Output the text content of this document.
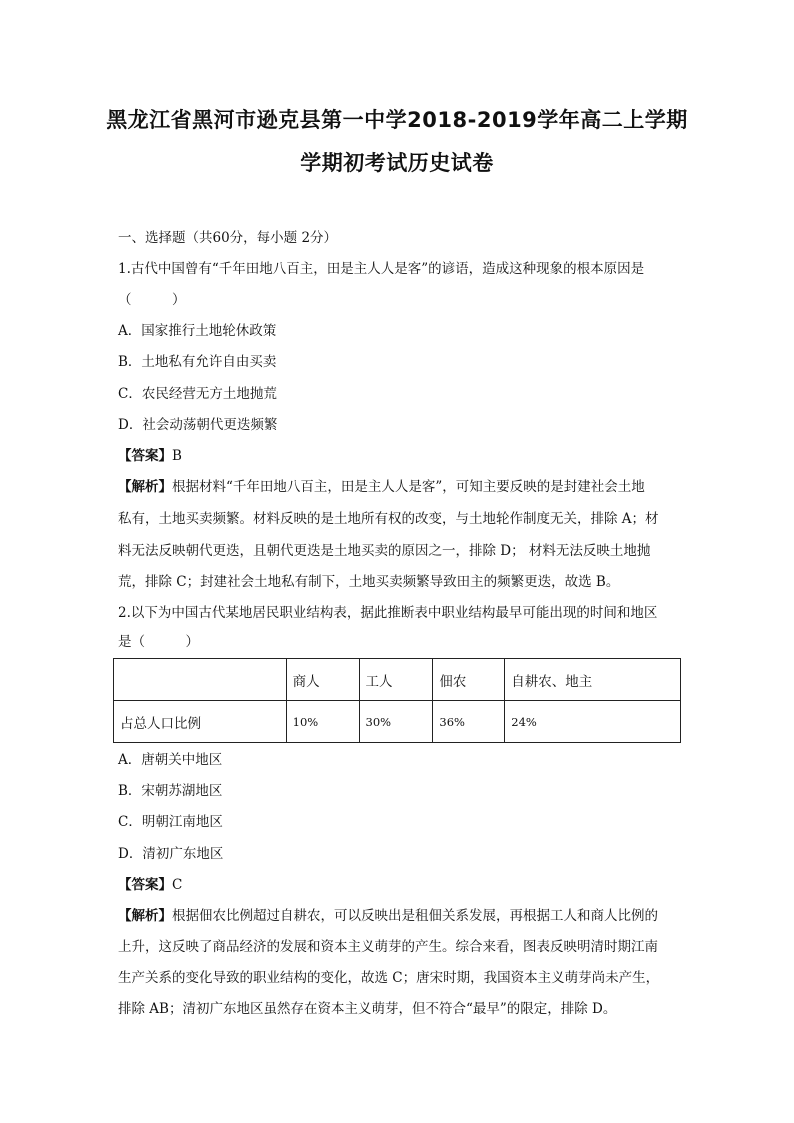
黑龙江省黑河市逊克县第一中学2018-2019学年高二上学期
学期初考试历史试卷
一、选择题（共60分，每小题 2分）
1.古代中国曾有“千年田地八百主，田是主人人是客”的谚语，造成这种现象的根本原因是
（　　　）
A．国家推行土地轮休政策
B．土地私有允许自由买卖
C．农民经营无方土地抛荒
D．社会动荡朝代更迭频繁
【答案】B
【解析】根据材料“千年田地八百主，田是主人人是客”，可知主要反映的是封建社会土地
私有，土地买卖频繁。材料反映的是土地所有权的改变，与土地轮作制度无关，排除 A；材
料无法反映朝代更迭，且朝代更迭是土地买卖的原因之一，排除 D； 材料无法反映土地抛
荒，排除 C；封建社会土地私有制下，土地买卖频繁导致田主的频繁更迭，故选 B。
2.以下为中国古代某地居民职业结构表，据此推断表中职业结构最早可能出现的时间和地区
是（　　　）
	商人	工人	佃农	自耕农、地主
占总人口比例	10%	30%	36%	24%
A．唐朝关中地区
B．宋朝苏湖地区
C．明朝江南地区
D．清初广东地区
【答案】C
【解析】根据佃农比例超过自耕农，可以反映出是租佃关系发展，再根据工人和商人比例的
上升，这反映了商品经济的发展和资本主义萌芽的产生。综合来看，图表反映明清时期江南
生产关系的变化导致的职业结构的变化，故选 C；唐宋时期，我国资本主义萌芽尚未产生，
排除 AB；清初广东地区虽然存在资本主义萌芽，但不符合“最早”的限定，排除 D。
